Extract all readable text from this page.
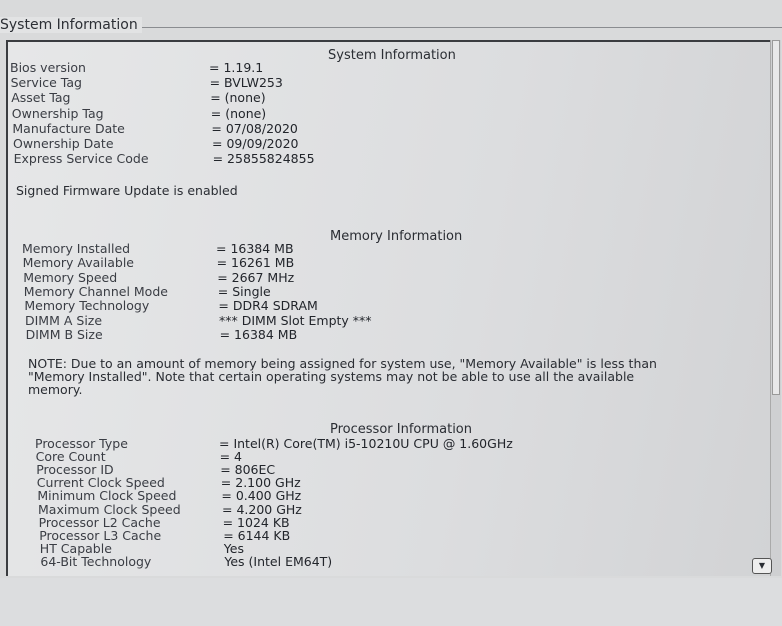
System Information
System Information
Bios version	= 1.19.1
Service Tag	= BVLW253
Asset Tag	= (none)
Ownership Tag	= (none)
Manufacture Date	= 07/08/2020
Ownership Date	= 09/09/2020
Express Service Code	= 25855824855
Signed Firmware Update is enabled
Memory Information
Memory Installed	= 16384 MB
Memory Available	= 16261 MB
Memory Speed	= 2667 MHz
Memory Channel Mode	= Single
Memory Technology	= DDR4 SDRAM
DIMM A Size	*** DIMM Slot Empty ***
DIMM B Size	= 16384 MB
NOTE: Due to an amount of memory being assigned for system use, "Memory Available" is less than "Memory Installed". Note that certain operating systems may not be able to use all the available memory.
Processor Information
Processor Type	= Intel(R) Core(TM) i5-10210U CPU @ 1.60GHz
Core Count	= 4
Processor ID	= 806EC
Current Clock Speed	= 2.100 GHz
Minimum Clock Speed	= 0.400 GHz
Maximum Clock Speed	= 4.200 GHz
Processor L2 Cache	= 1024 KB
Processor L3 Cache	= 6144 KB
HT Capable	Yes
64-Bit Technology	Yes (Intel EM64T)	▼
